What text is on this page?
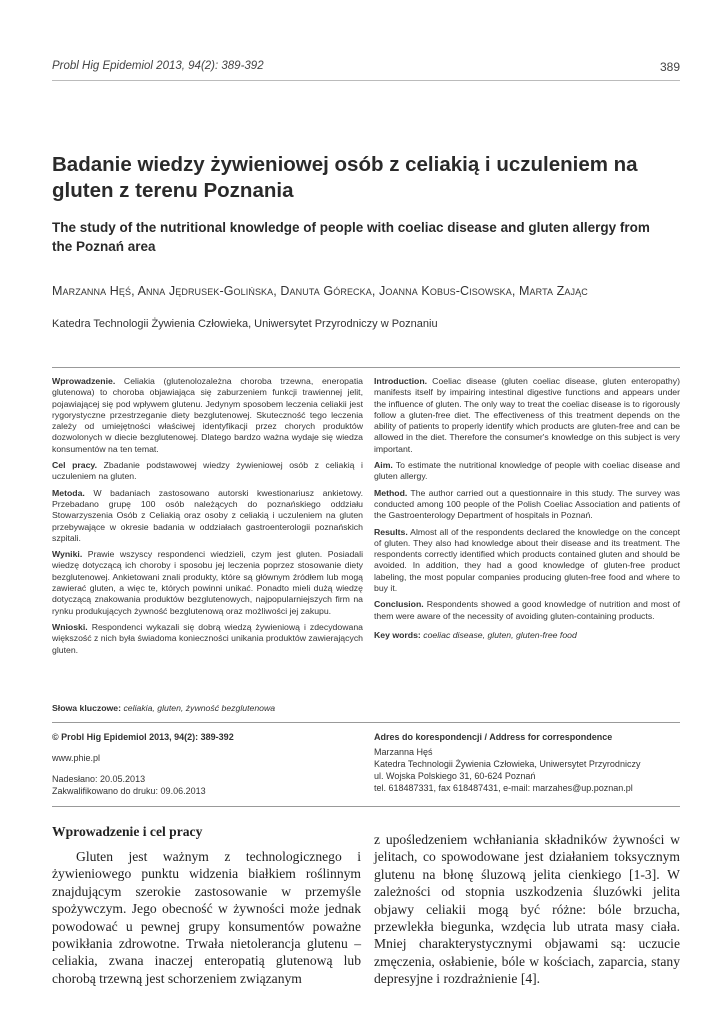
Probl Hig Epidemiol 2013, 94(2): 389-392	389
Badanie wiedzy żywieniowej osób z celiakią i uczuleniem na gluten z terenu Poznania
The study of the nutritional knowledge of people with coeliac disease and gluten allergy from the Poznań area
Marzanna Hęś, Anna Jędrusek-Golińska, Danuta Górecka, Joanna Kobus-Cisowska, Marta Zając
Katedra Technologii Żywienia Człowieka, Uniwersytet Przyrodniczy w Poznaniu

Wprowadzenie. Celiakia (glutenolozależna choroba trzewna, eneropatia glutenowa) to choroba objawiająca się zaburzeniem funkcji trawiennej jelit, pojawiającej się pod wpływem glutenu. Jedynym sposobem leczenia celiakii jest rygorystyczne przestrzeganie diety bezglutenowej. Skuteczność tego leczenia zależy od umiejętności właściwej identyfikacji przez chorych produktów dozwolonych w diecie bezglutenowej. Dlatego bardzo ważna wydaje się wiedza konsumentów na ten temat.

Cel pracy. Zbadanie podstawowej wiedzy żywieniowej osób z celiakią i uczuleniem na gluten.

Metoda. W badaniach zastosowano autorski kwestionariusz ankietowy. Przebadano grupę 100 osób należących do poznańskiego oddziału Stowarzyszenia Osób z Celiakią oraz osoby z celiakią i uczuleniem na gluten przebywające w okresie badania w oddziałach gastroenterologii poznańskich szpitali.

Wyniki. Prawie wszyscy respondenci wiedzieli, czym jest gluten. Posiadali wiedzę dotyczącą ich choroby i sposobu jej leczenia poprzez stosowanie diety bezglutenowej. Ankietowani znali produkty, które są głównym źródłem lub mogą zawierać gluten, a więc te, których powinni unikać. Ponadto mieli dużą wiedzę dotyczącą znakowania produktów bezglutenowych, najpopularniejszych firm na rynku produkujących żywność bezglutenową oraz możliwości jej zakupu.

Wnioski. Respondenci wykazali się dobrą wiedzą żywieniową i zdecydowana większość z nich była świadoma konieczności unikania produktów zawierających gluten.

Introduction. Coeliac disease (gluten coeliac disease, gluten enteropathy) manifests itself by impairing intestinal digestive functions and appears under the influence of gluten. The only way to treat the coeliac disease is to rigorously follow a gluten-free diet. The effectiveness of this treatment depends on the ability of patients to properly identify which products are gluten-free and can be allowed in the diet. Therefore the consumer's knowledge on this subject is very important.

Aim. To estimate the nutritional knowledge of people with coeliac disease and gluten allergy.

Method. The author carried out a questionnaire in this study. The survey was conducted among 100 people of the Polish Coeliac Association and patients of the Gastroenterology Department of hospitals in Poznań.

Results. Almost all of the respondents declared the knowledge on the concept of gluten. They also had knowledge about their disease and its treatment. The respondents correctly identified which products contained gluten and should be avoided. In addition, they had a good knowledge of gluten-free product labeling, the most popular companies producing gluten-free food and where to buy it.

Conclusion. Respondents showed a good knowledge of nutrition and most of them were aware of the necessity of avoiding gluten-containing products.

Key words: coeliac disease, gluten, gluten-free food

Słowa kluczowe: celiakia, gluten, żywność bezglutenowa
© Probl Hig Epidemiol 2013, 94(2): 389-392
www.phie.pl
Nadesłano: 20.05.2013
Zakwalifikowano do druku: 09.06.2013
Adres do korespondencji / Address for correspondence
Marzanna Hęś
Katedra Technologii Żywienia Człowieka, Uniwersytet Przyrodniczy
ul. Wojska Polskiego 31, 60-624 Poznań
tel. 618487331, fax 618487431, e-mail: marzahes@up.poznan.pl
Wprowadzenie i cel pracy
Gluten jest ważnym z technologicznego i żywieniowego punktu widzenia białkiem roślinnym znajdującym szerokie zastosowanie w przemyśle spożywczym. Jego obecność w żywności może jednak powodować u pewnej grupy konsumentów poważne powikłania zdrowotne. Trwała nietolerancja glutenu – celiakia, zwana inaczej enteropatią glutenową lub chorobą trzewną jest schorzeniem związanym
z upośledzeniem wchłaniania składników żywności w jelitach, co spowodowane jest działaniem toksycznym glutenu na błonę śluzową jelita cienkiego [1-3]. W zależności od stopnia uszkodzenia śluzówki jelita objawy celiakii mogą być różne: bóle brzucha, przewlekła biegunka, wzdęcia lub utrata masy ciała. Mniej charakterystycznymi objawami są: uczucie zmęczenia, osłabienie, bóle w kościach, zaparcia, stany depresyjne i rozdrażnienie [4].
